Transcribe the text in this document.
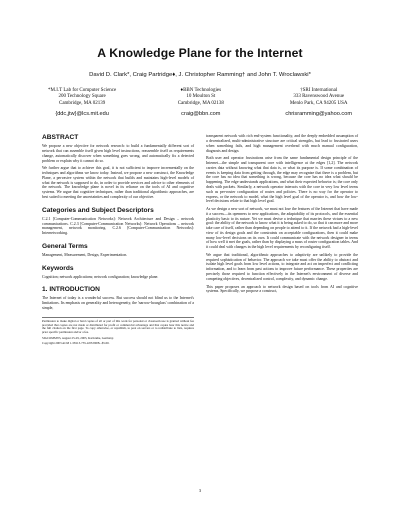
A Knowledge Plane for the Internet
David D. Clark*, Craig Partridge♦, J. Christopher Ramming† and John T. Wroclawski*
*M.I.T Lab for Computer Science
200 Technology Square
Cambridge, MA 02139
{ddc,jtw}@lcs.mit.edu
♦BBN Technologies
10 Moulton St
Cambridge, MA 02138
craig@bbn.com
†SRI International
333 Ravenswood Avenue
Menlo Park, CA 94205 USA
chrisramming@yahoo.com
ABSTRACT

We propose a new objective for network research: to build a fundamentally different sort of network that can assemble itself given high level instructions, reassemble itself as requirements change, automatically discover when something goes wrong, and automatically fix a detected problem or explain why it cannot do so.

We further argue that to achieve this goal, it is not sufficient to improve incrementally on the techniques and algorithms we know today. Instead, we propose a new construct, the Knowledge Plane, a pervasive system within the network that builds and maintains high-level models of what the network is supposed to do, in order to provide services and advice to other elements of the network. The knowledge plane is novel in its reliance on the tools of AI and cognitive systems. We argue that cognitive techniques, rather than traditional algorithmic approaches, are best suited to meeting the uncertainties and complexity of our objective.

Categories and Subject Descriptors

C.2.1 [Computer-Communication Networks]: Network Architecture and Design – network communications. C.2.3 [Computer-Communication Networks]: Network Operations – network management, network monitoring. C.2.6 [Computer-Communication Networks]: Internetworking.

General Terms

Management, Measurement, Design, Experimentation.

Keywords

Cognition; network applications; network configuration; knowledge plane.

1. INTRODUCTION

The Internet of today is a wonderful success. But success should not blind us to the Internet's limitations. Its emphasis on generality and heterogeneity, the 'narrow-hourglass' combination of a simple,

Permission to make digital or hard copies of all or part of this work for personal or classroom use is granted without fee provided that copies are not made or distributed for profit or commercial advantage and that copies bear this notice and the full citation on the first page. To copy otherwise, or republish, to post on servers or to redistribute to lists, requires prior specific permission and/or a fee.

SIGCOMM'03, August 25-29, 2003, Karlsruhe, Germany.

Copyright 2003 ACM 1-58113-735-4/03/0008...$5.00.

transparent network with rich end-system functionality, and the deeply embedded assumption of a decentralized, multi-administrative structure are critical strengths, but lead to frustrated users when something fails, and high management overhead with much manual configuration, diagnosis and design.

Both user and operator frustrations arise from the same fundamental design principle of the Internet—the simple and transparent core with intelligence at the edges [1,2]. The network carries data without knowing what that data is, or what its purpose is. If some combination of events is keeping data from getting through, the edge may recognize that there is a problem, but the core has no idea that something is wrong, because the core has no idea what should be happening. The edge understands applications, and what their expected behavior is; the core only deals with packets. Similarly, a network operator interacts with the core in very low level terms such as per-router configuration of routes and policies. There is no way for the operator to express, or the network to model, what the high level goal of the operator is, and how the low-level decisions relate to that high level goal.

As we design a new sort of network, we must not lose the features of the Internet that have made it a success—its openness to new applications, the adaptability of its protocols, and the essential plasticity basic to its nature. Yet we must devise a technique that marries these virtues to a new goal: the ability of the network to know what it is being asked to do, so that it can more and more take care of itself, rather than depending on people to attend to it. If the network had a high-level view of its design goals and the constraints on acceptable configurations, then it could make many low-level decisions on its own. It could communicate with the network designer in terms of how well it met the goals, rather than by displaying a mass of router configuration tables. And it could deal with changes in the high level requirements by reconfiguring itself.

We argue that traditional, algorithmic approaches to adaptivity are unlikely to provide the required sophistication of behavior. The approach we take must offer the ability to abstract and isolate high level goals from low level actions, to integrate and act on imperfect and conflicting information, and to learn from past actions to improve future performance. These properties are precisely those required to function effectively in the Internet's environment of diverse and competing objectives, decentralized control, complexity, and dynamic change.

This paper proposes an approach to network design based on tools from AI and cognitive systems. Specifically, we propose a construct,

3
